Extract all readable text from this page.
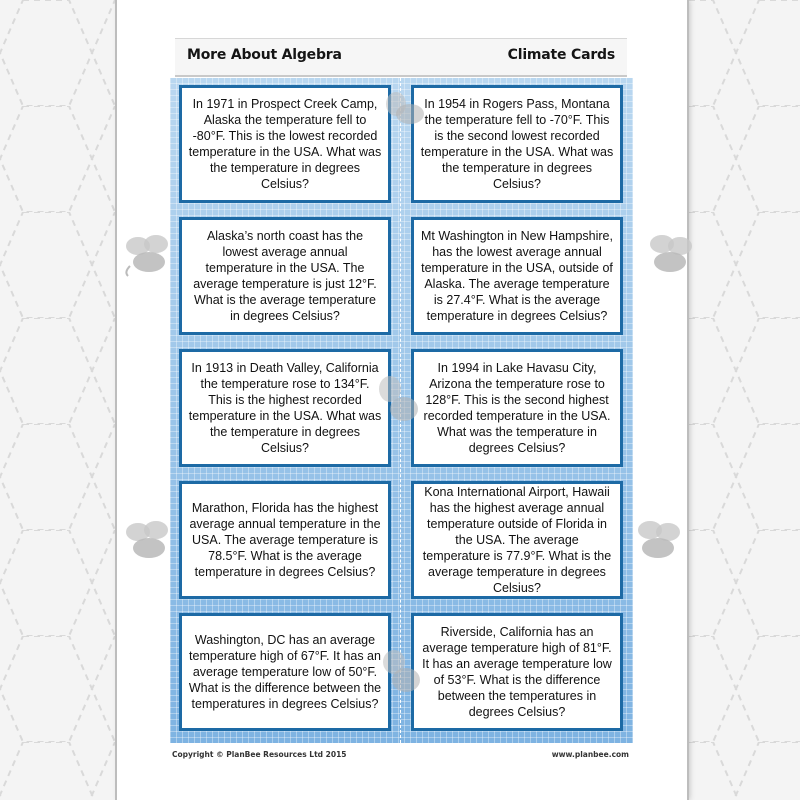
More About Algebra	Climate Cards
In 1971 in Prospect Creek Camp, Alaska the temperature fell to -80°F. This is the lowest recorded temperature in the USA. What was the temperature in degrees Celsius?
In 1954 in Rogers Pass, Montana the temperature fell to -70°F. This is the second lowest recorded temperature in the USA. What was the temperature in degrees Celsius?
Alaska’s north coast has the lowest average annual temperature in the USA. The average temperature is just 12°F. What is the average temperature in degrees Celsius?
Mt Washington in New Hampshire, has the lowest average annual temperature in the USA, outside of Alaska. The average temperature is 27.4°F. What is the average temperature in degrees Celsius?
In 1913 in Death Valley, California the temperature rose to 134°F. This is the highest recorded temperature in the USA. What was the temperature in degrees Celsius?
In 1994 in Lake Havasu City, Arizona the temperature rose to 128°F. This is the second highest recorded temperature in the USA. What was the temperature in degrees Celsius?
Marathon, Florida has the highest average annual temperature in the USA. The average temperature is 78.5°F. What is the average temperature in degrees Celsius?
Kona International Airport, Hawaii has the highest average annual temperature outside of Florida in the USA. The average temperature is 77.9°F. What is the average temperature in degrees Celsius?
Washington, DC has an average temperature high of 67°F. It has an average temperature low of 50°F. What is the difference between the temperatures in degrees Celsius?
Riverside, California has an average temperature high of 81°F. It has an average temperature low of 53°F. What is the difference between the temperatures in degrees Celsius?
Copyright © PlanBee Resources Ltd 2015	www.planbee.com
